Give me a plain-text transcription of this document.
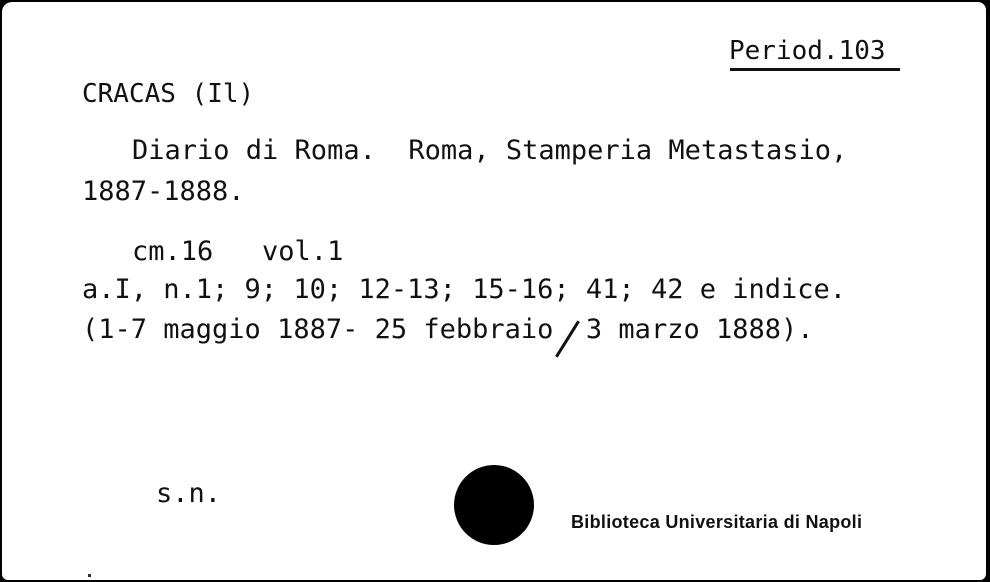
Period.103
CRACAS (Il)
Diario di Roma.  Roma, Stamperia Metastasio,
1887-1888.
cm.16   vol.1
a.I, n.1; 9; 10; 12-13; 15-16; 41; 42 e indice.
(1-7 maggio 1887- 25 febbraio  3 marzo 1888).
s.n.
Biblioteca Universitaria di Napoli
